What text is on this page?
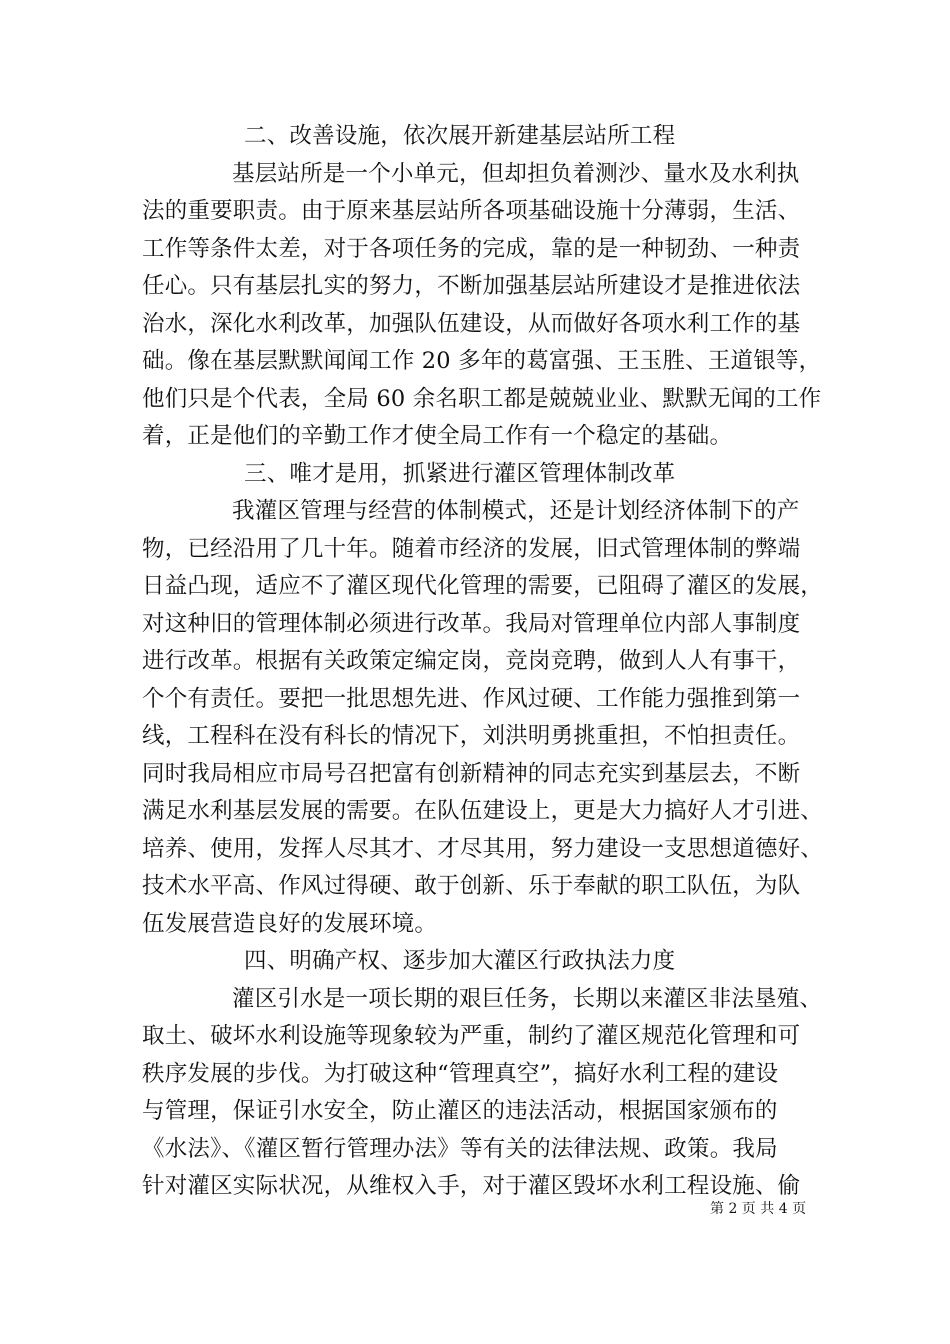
二、改善设施，依次展开新建基层站所工程
基层站所是一个小单元，但却担负着测沙、量水及水利执
法的重要职责。由于原来基层站所各项基础设施十分薄弱，生活、
工作等条件太差，对于各项任务的完成，靠的是一种韧劲、一种责
任心。只有基层扎实的努力，不断加强基层站所建设才是推进依法
治水，深化水利改革，加强队伍建设，从而做好各项水利工作的基
础。像在基层默默闻闻工作 20 多年的葛富强、王玉胜、王道银等，
他们只是个代表，全局 60 余名职工都是兢兢业业、默默无闻的工作
着，正是他们的辛勤工作才使全局工作有一个稳定的基础。
三、唯才是用，抓紧进行灌区管理体制改革
我灌区管理与经营的体制模式，还是计划经济体制下的产
物，已经沿用了几十年。随着市经济的发展，旧式管理体制的弊端
日益凸现，适应不了灌区现代化管理的需要，已阻碍了灌区的发展，
对这种旧的管理体制必须进行改革。我局对管理单位内部人事制度
进行改革。根据有关政策定编定岗，竞岗竞聘，做到人人有事干，
个个有责任。要把一批思想先进、作风过硬、工作能力强推到第一
线，工程科在没有科长的情况下，刘洪明勇挑重担，不怕担责任。
同时我局相应市局号召把富有创新精神的同志充实到基层去，不断
满足水利基层发展的需要。在队伍建设上，更是大力搞好人才引进、
培养、使用，发挥人尽其才、才尽其用，努力建设一支思想道德好、
技术水平高、作风过得硬、敢于创新、乐于奉献的职工队伍，为队
伍发展营造良好的发展环境。
四、明确产权、逐步加大灌区行政执法力度
灌区引水是一项长期的艰巨任务，长期以来灌区非法垦殖、
取土、破坏水利设施等现象较为严重，制约了灌区规范化管理和可
秩序发展的步伐。为打破这种“管理真空”，搞好水利工程的建设
与管理，保证引水安全，防止灌区的违法活动，根据国家颁布的
《水法》、《灌区暂行管理办法》等有关的法律法规、政策。我局
针对灌区实际状况，从维权入手，对于灌区毁坏水利工程设施、偷
第 2 页 共 4 页
